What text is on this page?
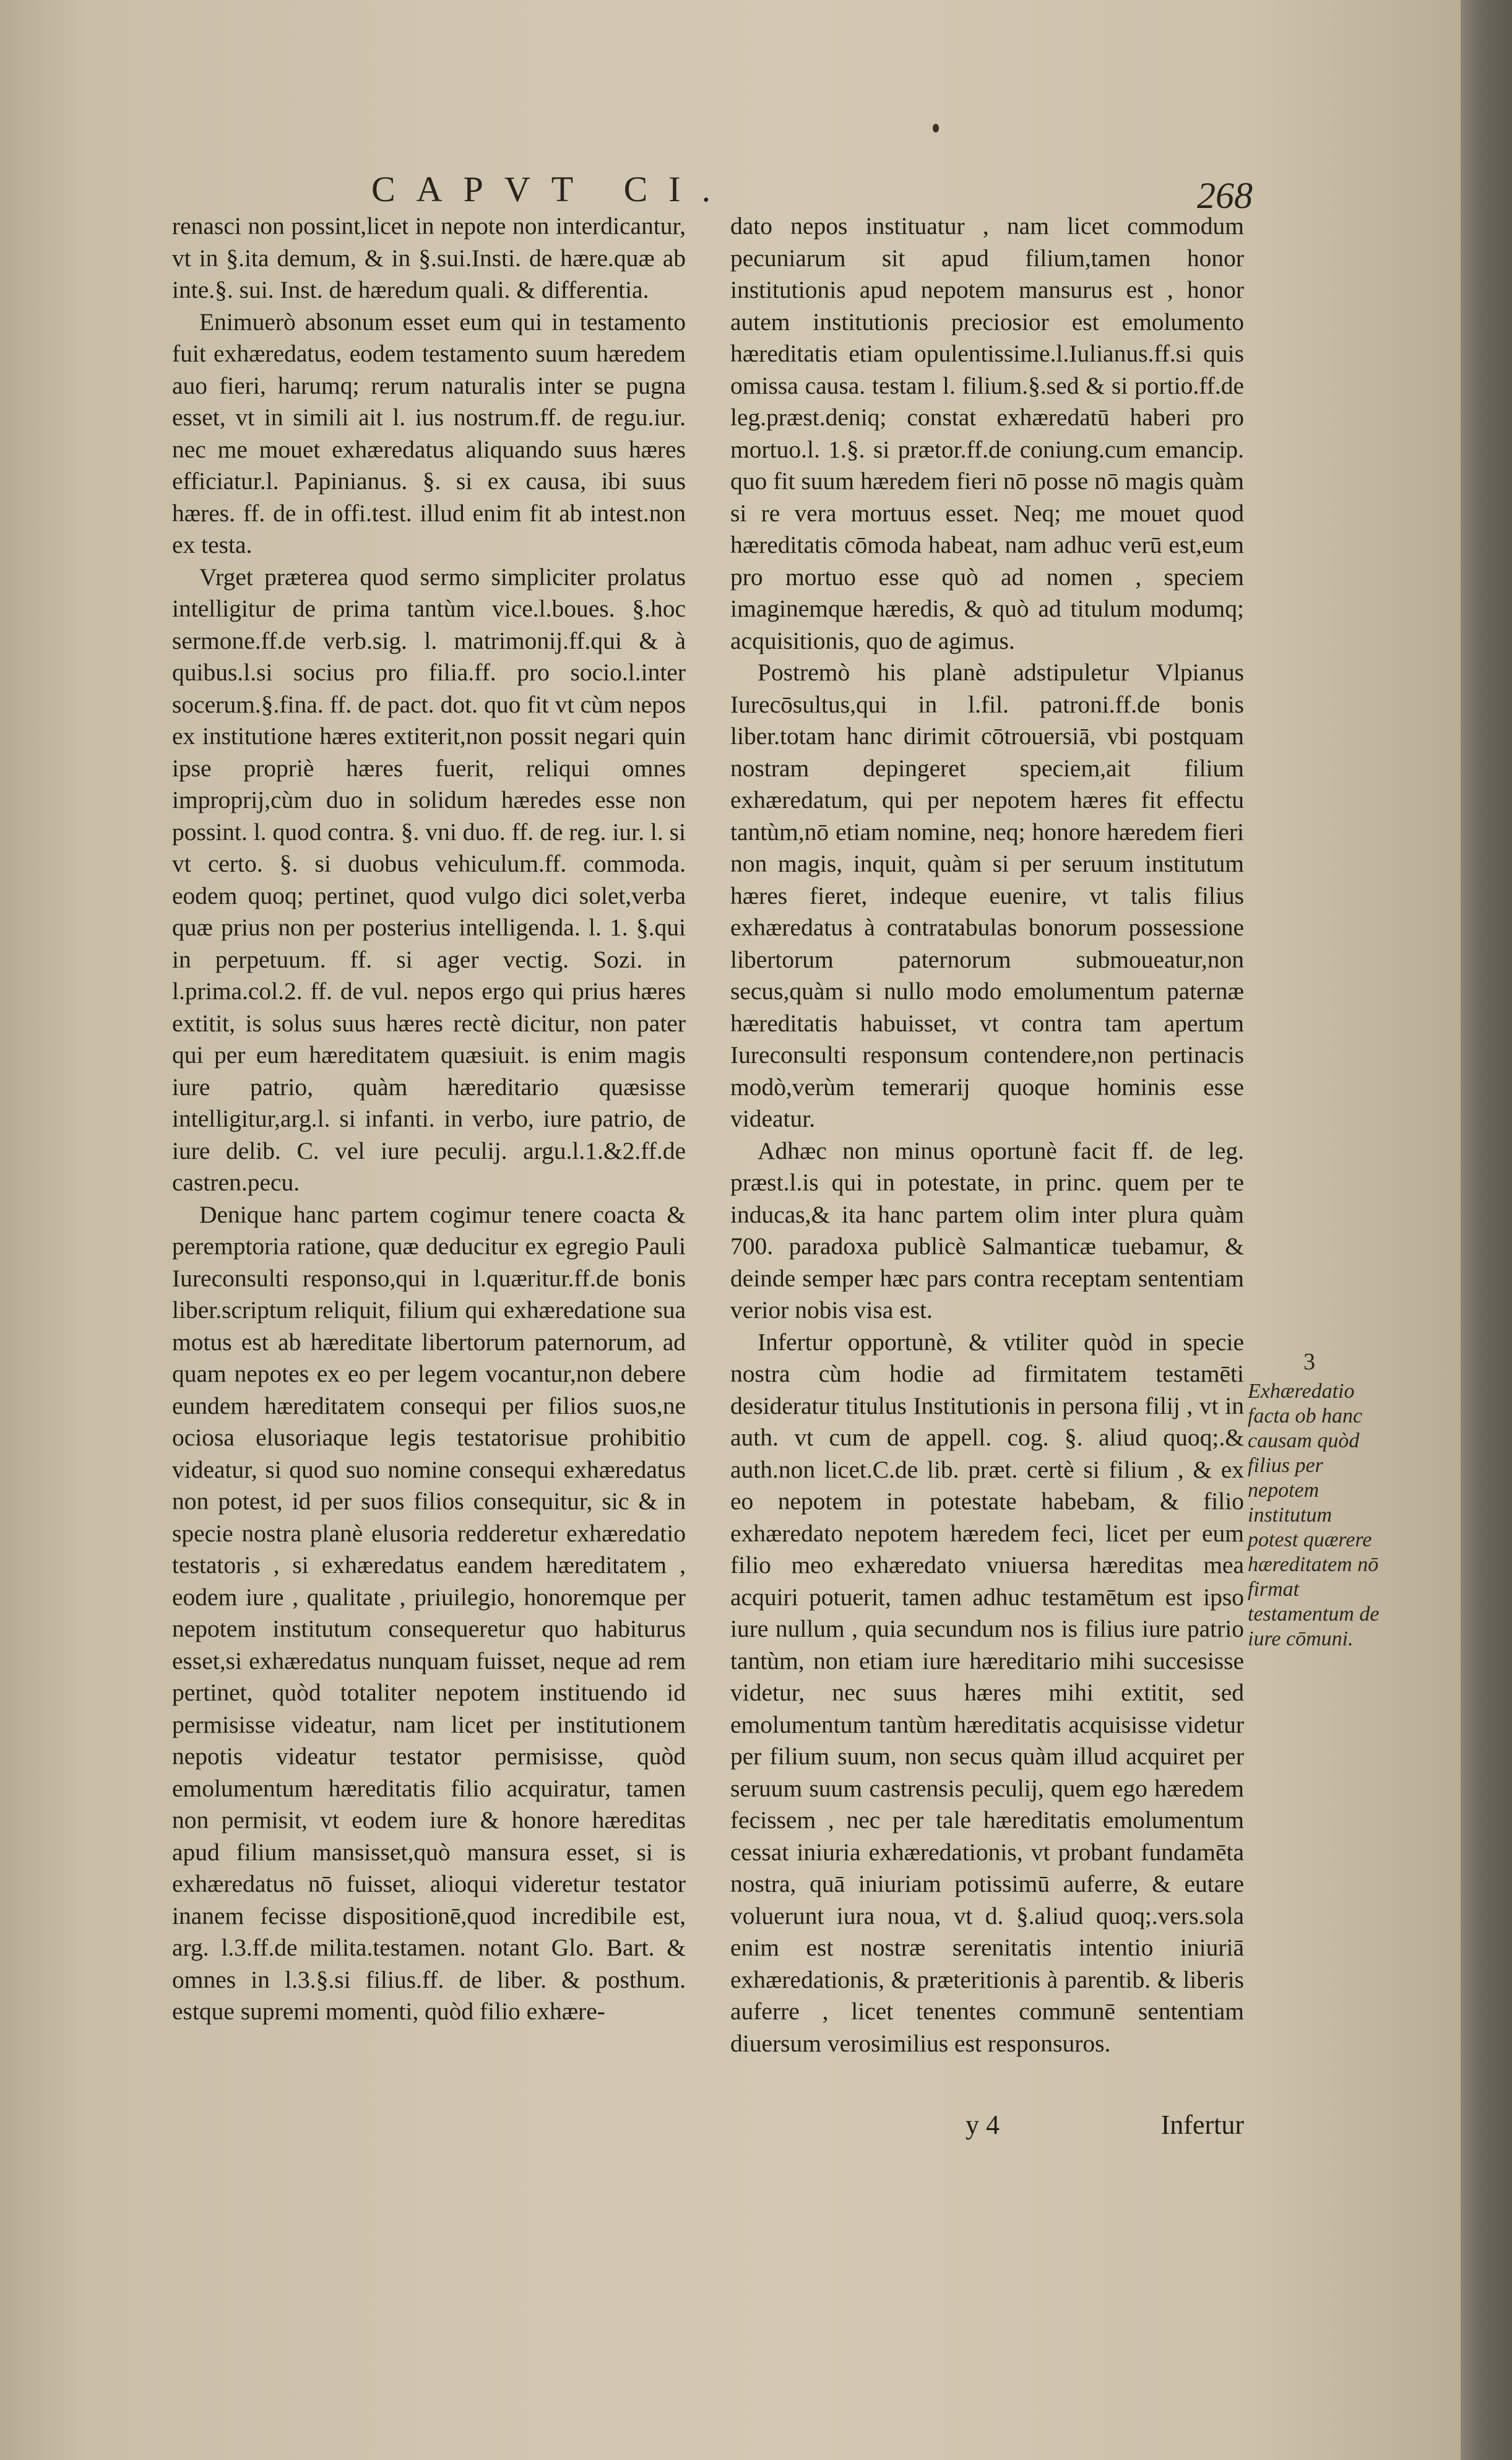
CAPVT CI.	268

renasci non possint,licet in nepote non interdicantur, vt in §.ita demum, & in §.sui.Insti. de hære.quæ ab inte.§. sui. Inst. de hæredum quali. & differentia.

Enimuerò absonum esset eum qui in testamento fuit exhæredatus, eodem testamento suum hæredem auo fieri, harumq; rerum naturalis inter se pugna esset, vt in simili ait l. ius nostrum.ff. de regu.iur. nec me mouet exhæredatus aliquando suus hæres efficiatur.l. Papinianus. §. si ex causa, ibi suus hæres. ff. de in offi.test. illud enim fit ab intest.non ex testa.

Vrget præterea quod sermo simpliciter prolatus intelligitur de prima tantùm vice.l.boues. §.hoc sermone.ff.de verb.sig. l. matrimonij.ff.qui & à quibus.l.si socius pro filia.ff. pro socio.l.inter socerum.§.fina. ff. de pact. dot. quo fit vt cùm nepos ex institutione hæres extiterit,non possit negari quin ipse propriè hæres fuerit, reliqui omnes improprij,cùm duo in solidum hæredes esse non possint. l. quod contra. §. vni duo. ff. de reg. iur. l. si vt certo. §. si duobus vehiculum.ff. commoda. eodem quoq; pertinet, quod vulgo dici solet,verba quæ prius non per posterius intelligenda. l. 1. §.qui in perpetuum. ff. si ager vectig. Sozi. in l.prima.col.2. ff. de vul. nepos ergo qui prius hæres extitit, is solus suus hæres rectè dicitur, non pater qui per eum hæreditatem quæsiuit. is enim magis iure patrio, quàm hæreditario quæsisse intelligitur,arg.l. si infanti. in verbo, iure patrio, de iure delib. C. vel iure peculij. argu.l.1.&2.ff.de castren.pecu.

Denique hanc partem cogimur tenere coacta & peremptoria ratione, quæ deducitur ex egregio Pauli Iureconsulti responso,qui in l.quæritur.ff.de bonis liber.scriptum reliquit, filium qui exhæredatione sua motus est ab hæreditate libertorum paternorum, ad quam nepotes ex eo per legem vocantur,non debere eundem hæreditatem consequi per filios suos,ne ociosa elusoriaque legis testatorisue prohibitio videatur, si quod suo nomine consequi exhæredatus non potest, id per suos filios consequitur, sic & in specie nostra planè elusoria redderetur exhæredatio testatoris , si exhæredatus eandem hæreditatem , eodem iure , qualitate , priuilegio, honoremque per nepotem institutum consequeretur quo habiturus esset,si exhæredatus nunquam fuisset, neque ad rem pertinet, quòd totaliter nepotem instituendo id permisisse videatur, nam licet per institutionem nepotis videatur testator permisisse, quòd emolumentum hæreditatis filio acquiratur, tamen non permisit, vt eodem iure & honore hæreditas apud filium mansisset,quò mansura esset, si is exhæredatus nō fuisset, alioqui videretur testator inanem fecisse dispositionē,quod incredibile est, arg. l.3.ff.de milita.testamen. notant Glo. Bart. & omnes in l.3.§.si filius.ff. de liber. & posthum. estque supremi momenti, quòd filio exhære-

dato nepos instituatur , nam licet commodum pecuniarum sit apud filium,tamen honor institutionis apud nepotem mansurus est , honor autem institutionis preciosior est emolumento hæreditatis etiam opulentissime.l.Iulianus.ff.si quis omissa causa. testam l. filium.§.sed & si portio.ff.de leg.præst.deniq; constat exhæredatū haberi pro mortuo.l. 1.§. si prætor.ff.de coniung.cum emancip. quo fit suum hæredem fieri nō posse nō magis quàm si re vera mortuus esset. Neq; me mouet quod hæreditatis cōmoda habeat, nam adhuc verū est,eum pro mortuo esse quò ad nomen , speciem imaginemque hæredis, & quò ad titulum modumq; acquisitionis, quo de agimus.

Postremò his planè adstipuletur Vlpianus Iurecōsultus,qui in l.fil. patroni.ff.de bonis liber.totam hanc dirimit cōtrouersiā, vbi postquam nostram depingeret speciem,ait filium exhæredatum, qui per nepotem hæres fit effectu tantùm,nō etiam nomine, neq; honore hæredem fieri non magis, inquit, quàm si per seruum institutum hæres fieret, indeque euenire, vt talis filius exhæredatus à contratabulas bonorum possessione libertorum paternorum submoueatur,non secus,quàm si nullo modo emolumentum paternæ hæreditatis habuisset, vt contra tam apertum Iureconsulti responsum contendere,non pertinacis modò,verùm temerarij quoque hominis esse videatur.

Adhæc non minus oportunè facit ff. de leg. præst.l.is qui in potestate, in princ. quem per te inducas,& ita hanc partem olim inter plura quàm 700. paradoxa publicè Salmanticæ tuebamur, & deinde semper hæc pars contra receptam sententiam verior nobis visa est.

Infertur opportunè, & vtiliter quòd in specie nostra cùm hodie ad firmitatem testamēti desideratur titulus Institutionis in persona filij , vt in auth. vt cum de appell. cog. §. aliud quoq;.& auth.non licet.C.de lib. præt. certè si filium , & ex eo nepotem in potestate habebam, & filio exhæredato nepotem hæredem feci, licet per eum filio meo exhæredato vniuersa hæreditas mea acquiri potuerit, tamen adhuc testamētum est ipso iure nullum , quia secundum nos is filius iure patrio tantùm, non etiam iure hæreditario mihi succesisse videtur, nec suus hæres mihi extitit, sed emolumentum tantùm hæreditatis acquisisse videtur per filium suum, non secus quàm illud acquiret per seruum suum castrensis peculij, quem ego hæredem fecissem , nec per tale hæreditatis emolumentum cessat iniuria exhæredationis, vt probant fundamēta nostra, quā iniuriam potissimū auferre, & eutare voluerunt iura noua, vt d. §.aliud quoq;.vers.sola enim est nostræ serenitatis intentio iniuriā exhæredationis, & præteritionis à parentib. & liberis auferre , licet tenentes communē sententiam diuersum verosimilius est responsuros.

3
Exhæredatio facta ob hanc causam quòd filius per nepotem institutum potest quærere hæreditatem nō firmat testamentum de iure cōmuni.
y 4	Infertur
